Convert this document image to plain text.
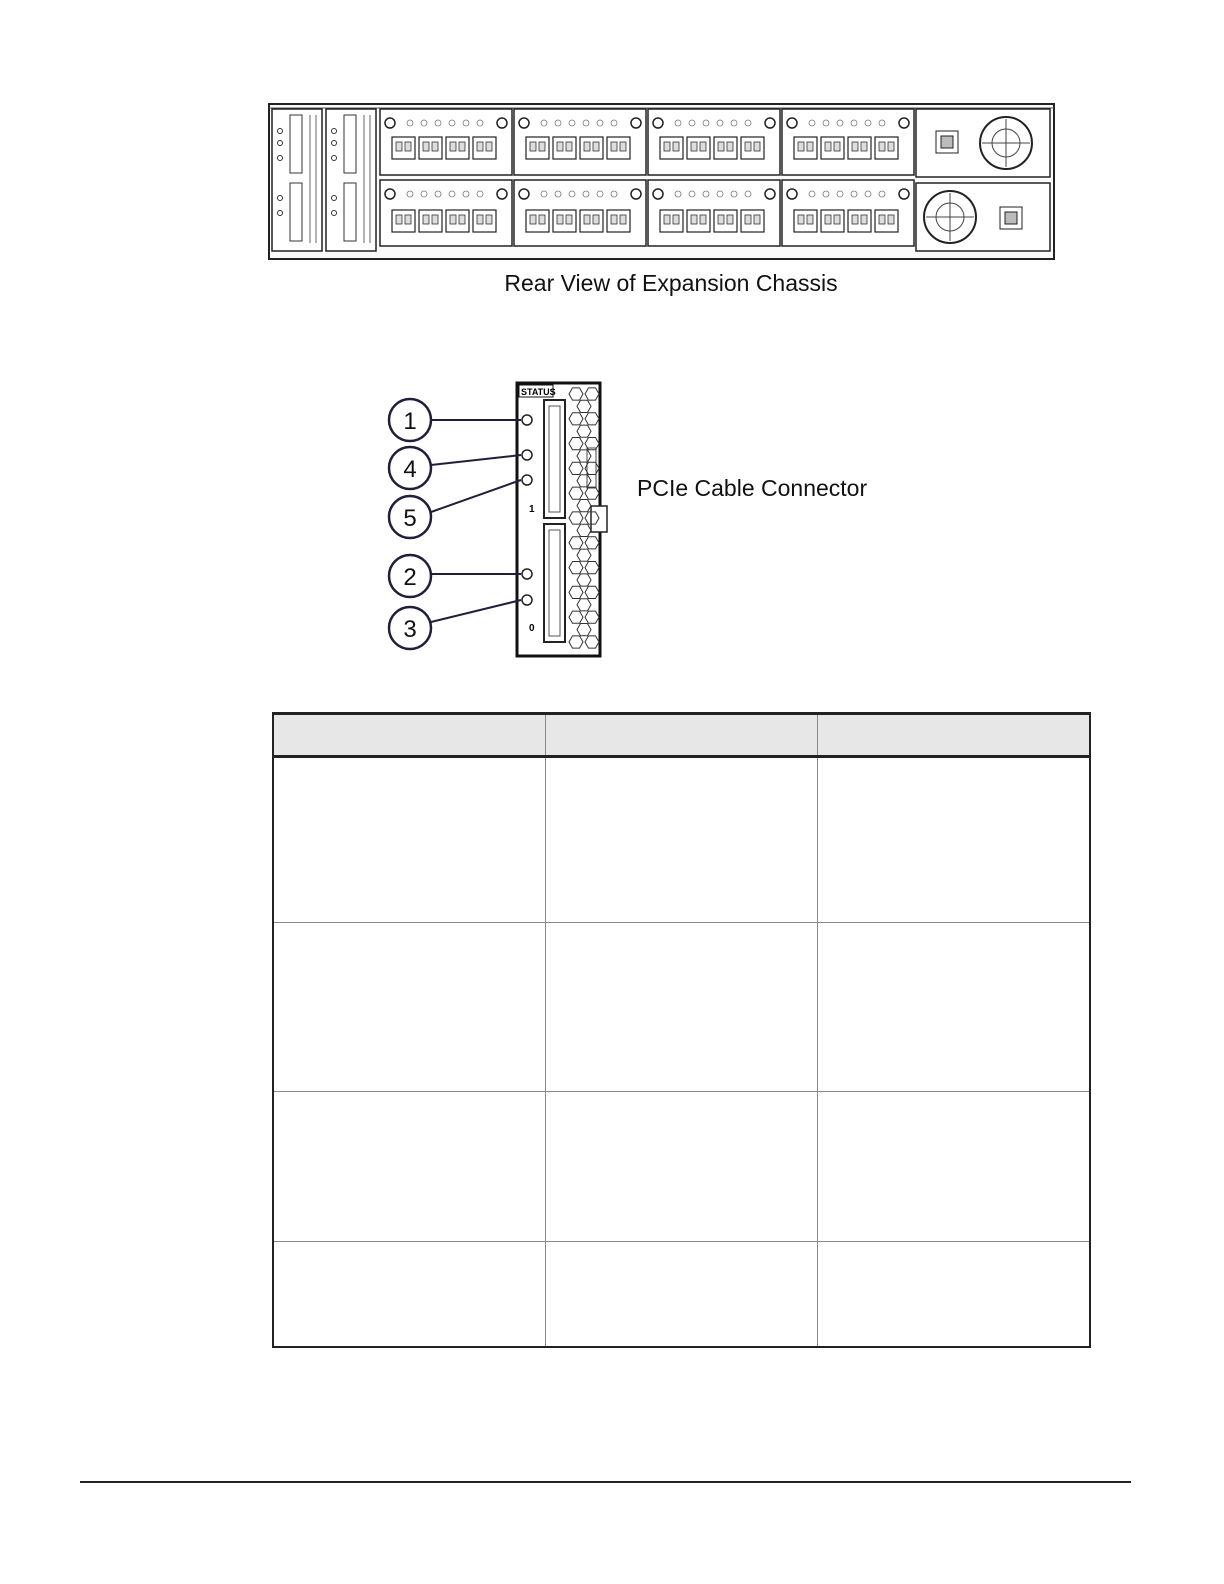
Rear View of Expansion Chassis
STATUS
1
0
1
4
5
2
3
PCIe Cable Connector
